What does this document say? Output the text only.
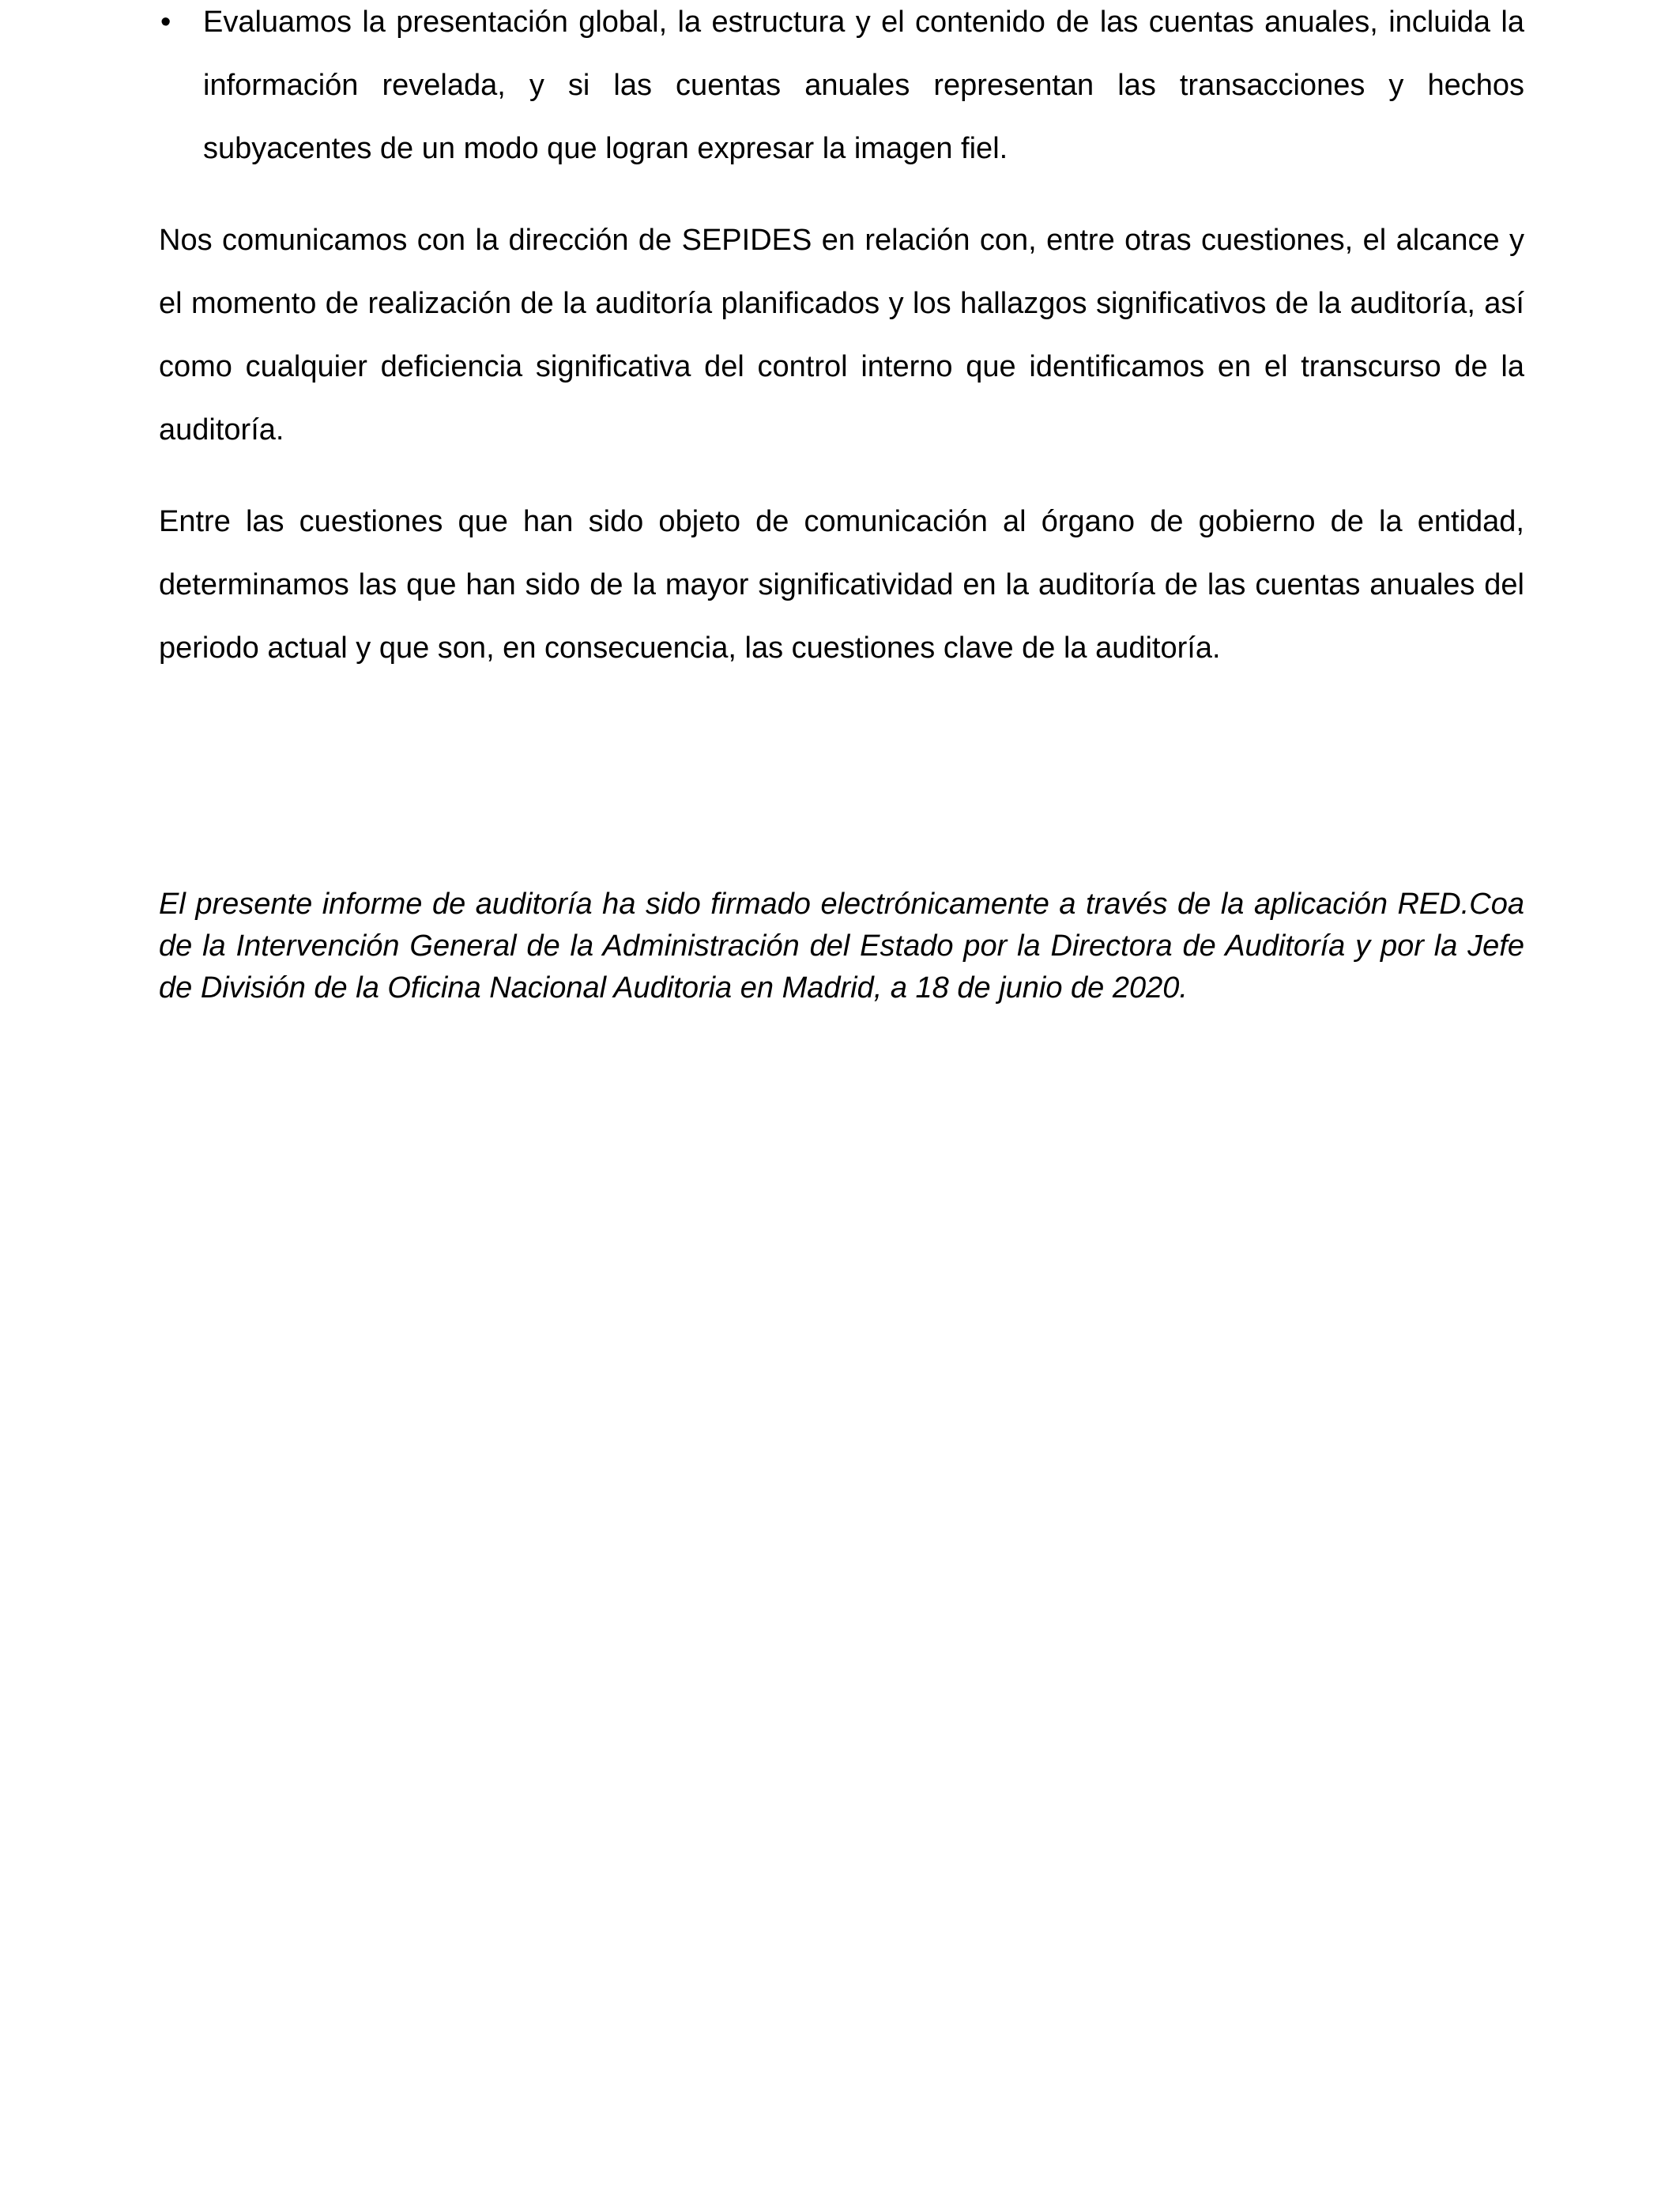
• Evaluamos la presentación global, la estructura y el contenido de las cuentas anuales, incluida la información revelada, y si las cuentas anuales representan las transacciones y hechos subyacentes de un modo que logran expresar la imagen fiel.

Nos comunicamos con la dirección de SEPIDES en relación con, entre otras cuestiones, el alcance y el momento de realización de la auditoría planificados y los hallazgos significativos de la auditoría, así como cualquier deficiencia significativa del control interno que identificamos en el transcurso de la auditoría.

Entre las cuestiones que han sido objeto de comunicación al órgano de gobierno de la entidad, determinamos las que han sido de la mayor significatividad en la auditoría de las cuentas anuales del periodo actual y que son, en consecuencia, las cuestiones clave de la auditoría.

El presente informe de auditoría ha sido firmado electrónicamente a través de la aplicación RED.Coa de la Intervención General de la Administración del Estado por la Directora de Auditoría y por la Jefe de División de la Oficina Nacional Auditoria en Madrid, a 18 de junio de 2020.
